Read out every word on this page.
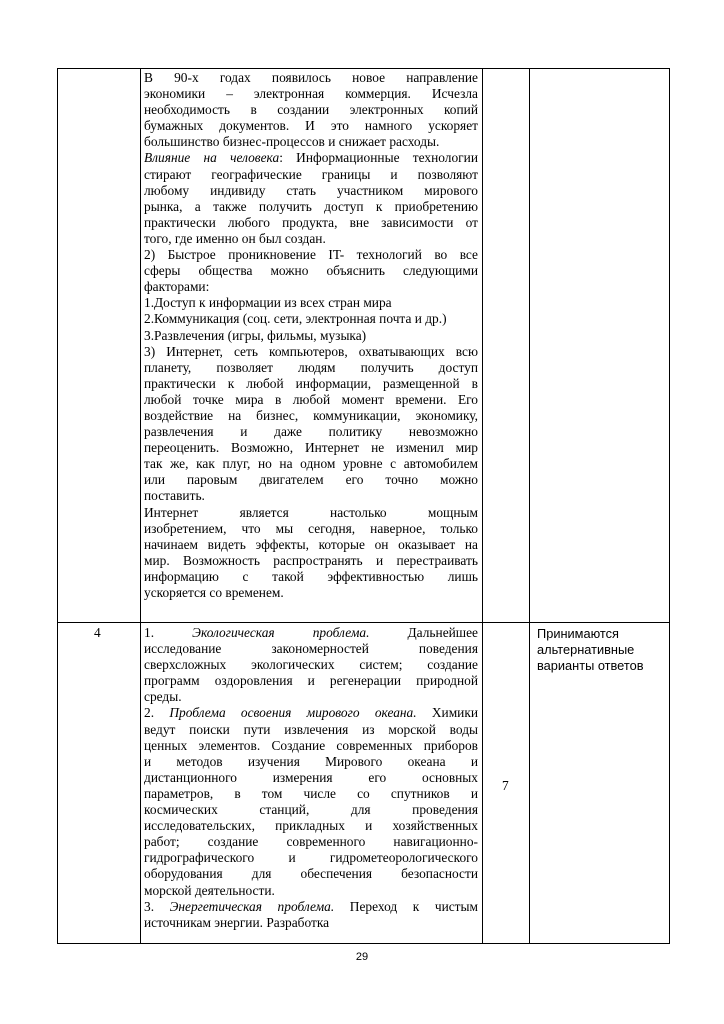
В 90-х годах появилось новое направление

экономики – электронная коммерция. Исчезла

необходимость в создании электронных копий

бумажных документов. И это намного ускоряет

большинство бизнес-процессов и снижает расходы.

Влияние на человека: Информационные технологии

стирают географические границы и позволяют

любому индивиду стать участником мирового

рынка, а также получить доступ к приобретению

практически любого продукта, вне зависимости от

того, где именно он был создан.

2) Быстрое проникновение IT- технологий во все

сферы общества можно объяснить следующими

факторами:

1.Доступ к информации из всех стран мира

2.Коммуникация (соц. сети, электронная почта и др.)

3.Развлечения (игры, фильмы, музыка)

3) Интернет, сеть компьютеров, охватывающих всю

планету, позволяет людям получить доступ

практически к любой информации, размещенной в

любой точке мира в любой момент времени. Его

воздействие на бизнес, коммуникации, экономику,

развлечения и даже политику невозможно

переоценить. Возможно, Интернет не изменил мир

так же, как плуг, но на одном уровне с автомобилем

или паровым двигателем его точно можно

поставить.

Интернет является настолько мощным

изобретением, что мы сегодня, наверное, только

начинаем видеть эффекты, которые он оказывает на

мир. Возможность распространять и перестраивать

информацию с такой эффективностью лишь

ускоряется со временем.

4	1. Экологическая проблема. Дальнейшее

исследование закономерностей поведения

сверхсложных экологических систем; создание

программ оздоровления и регенерации природной

среды.

2. Проблема освоения мирового океана. Химики

ведут поиски пути извлечения из морской воды

ценных элементов. Создание современных приборов

и методов изучения Мирового океана и

дистанционного измерения его основных

параметров, в том числе со спутников и

космических станций, для проведения

исследовательских, прикладных и хозяйственных

работ; создание современного навигационно-

гидрографического и гидрометеорологического

оборудования для обеспечения безопасности

морской деятельности.

3. Энергетическая проблема. Переход к чистым

источникам энергии. Разработка

7
Принимаются альтернативные варианты ответов
29
